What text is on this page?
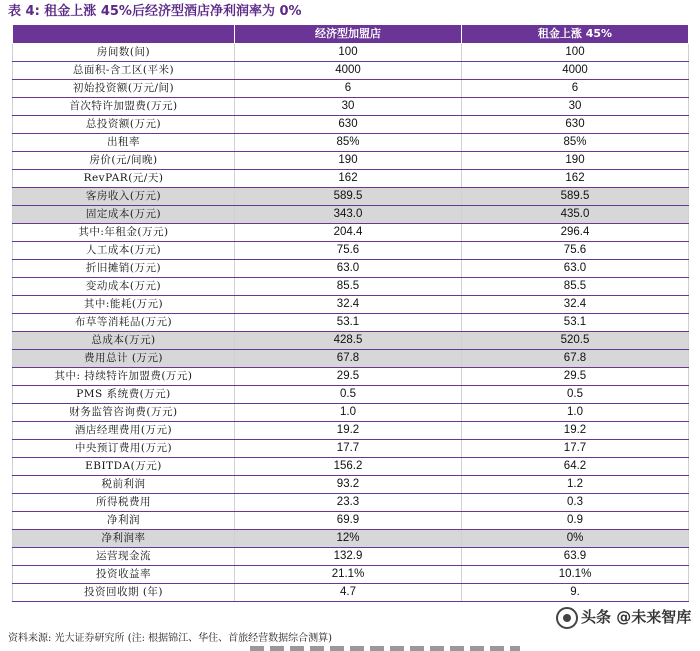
表 4: 租金上涨 45%后经济型酒店净利润率为 0%
	经济型加盟店	租金上涨 45%
房间数(间)	100	100
总面积-含工区(平米)	4000	4000
初始投资额(万元/间)	6	6
首次特许加盟费(万元)	30	30
总投资额(万元)	630	630
出租率	85%	85%
房价(元/间晚)	190	190
RevPAR(元/天)	162	162
客房收入(万元)	589.5	589.5
固定成本(万元)	343.0	435.0
其中:年租金(万元)	204.4	296.4
人工成本(万元)	75.6	75.6
折旧摊销(万元)	63.0	63.0
变动成本(万元)	85.5	85.5
其中:能耗(万元)	32.4	32.4
布草等消耗品(万元)	53.1	53.1
总成本(万元)	428.5	520.5
费用总计 (万元)	67.8	67.8
其中: 持续特许加盟费(万元)	29.5	29.5
PMS 系统费(万元)	0.5	0.5
财务监管咨询费(万元)	1.0	1.0
酒店经理费用(万元)	19.2	19.2
中央预订费用(万元)	17.7	17.7
EBITDA(万元)	156.2	64.2
税前利润	93.2	1.2
所得税费用	23.3	0.3
净利润	69.9	0.9
净利润率	12%	0%
运营现金流	132.9	63.9
投资收益率	21.1%	10.1%
投资回收期 (年)	4.7	9.
资料来源: 光大证券研究所 (注: 根据锦江、华住、首旅经营数据综合测算)
头条 @未来智库
